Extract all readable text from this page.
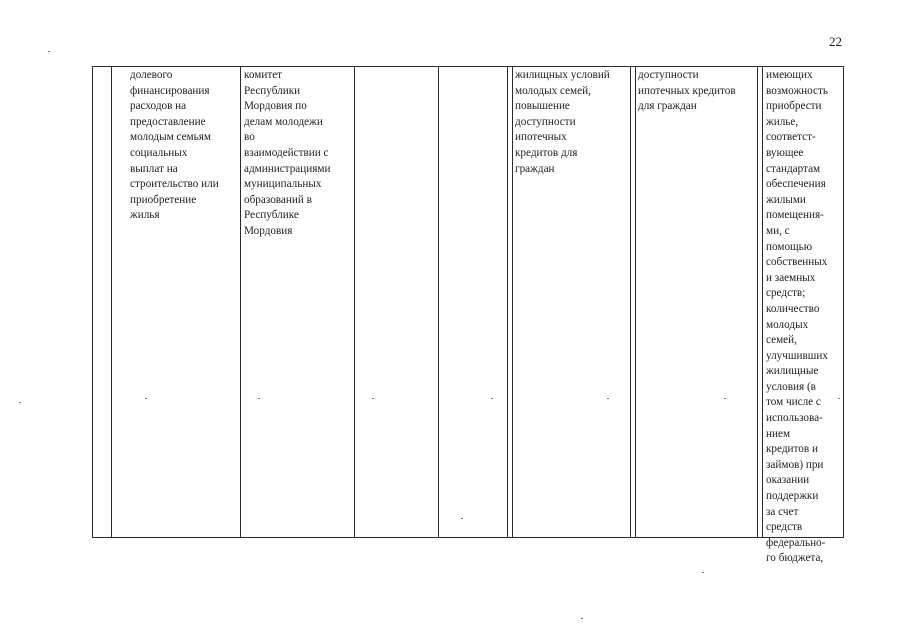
22
долевого
финансирования
расходов на
предоставление
молодым семьям
социальных
выплат на
строительство или
приобретение
жилья
комитет
Республики
Мордовия по
делам молодежи
во
взаимодействии с
администрациями
муниципальных
образований в
Республике
Мордовия
жилищных условий
молодых семей,
повышение
доступности
ипотечных
кредитов для
граждан
доступности
ипотечных кредитов
для граждан
имеющих
возможность
приобрести
жилье,
соответст-
вующее
стандартам
обеспечения
жилыми
помещения-
ми, с
помощью
собственных
и заемных
средств;
количество
молодых
семей,
улучшивших
жилищные
условия (в
том числе с
использова-
нием
кредитов и
займов) при
оказании
поддержки
за счет
средств
федерально-
го бюджета,
